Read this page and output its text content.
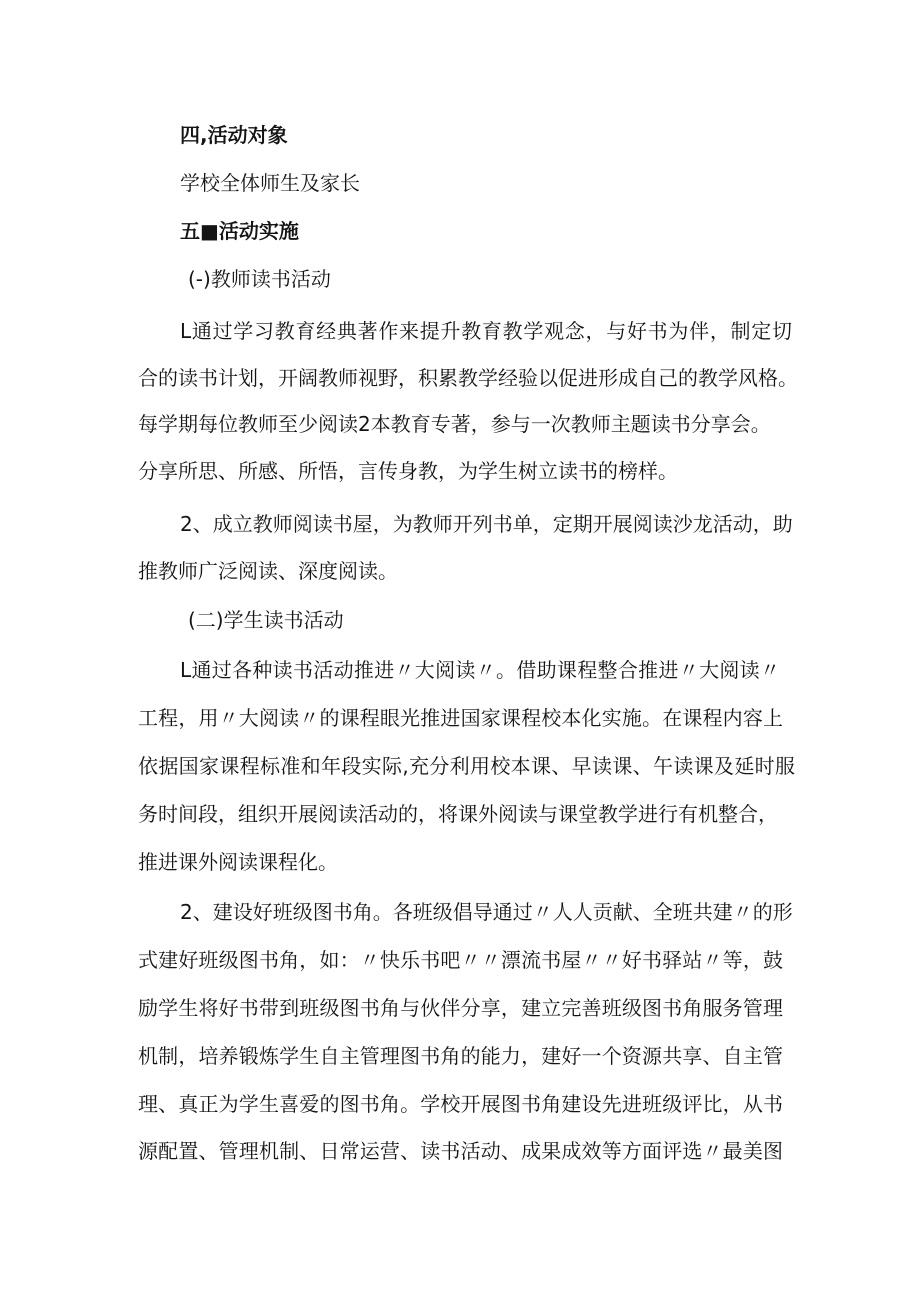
四,活动对象

学校全体师生及家长

五■活动实施
(-)教师读书活动

L通过学习教育经典著作来提升教育教学观念，与好书为伴，制定切

合的读书计划，开阔教师视野，积累教学经验以促进形成自己的教学风格。

每学期每位教师至少阅读2本教育专著，参与一次教师主题读书分享会。

分享所思、所感、所悟，言传身教，为学生树立读书的榜样。

2、成立教师阅读书屋，为教师开列书单，定期开展阅读沙龙活动，助

推教师广泛阅读、深度阅读。

(二)学生读书活动

L通过各种读书活动推进〃大阅读〃。借助课程整合推进〃大阅读〃

工程，用〃大阅读〃的课程眼光推进国家课程校本化实施。在课程内容上

依据国家课程标准和年段实际,充分利用校本课、早读课、午读课及延时服

务时间段，组织开展阅读活动的，将课外阅读与课堂教学进行有机整合，

推进课外阅读课程化。

2、建设好班级图书角。各班级倡导通过〃人人贡献、全班共建〃的形

式建好班级图书角，如：〃快乐书吧〃〃漂流书屋〃〃好书驿站〃等，鼓

励学生将好书带到班级图书角与伙伴分享，建立完善班级图书角服务管理

机制，培养锻炼学生自主管理图书角的能力，建好一个资源共享、自主管

理、真正为学生喜爱的图书角。学校开展图书角建设先进班级评比，从书

源配置、管理机制、日常运营、读书活动、成果成效等方面评选〃最美图
